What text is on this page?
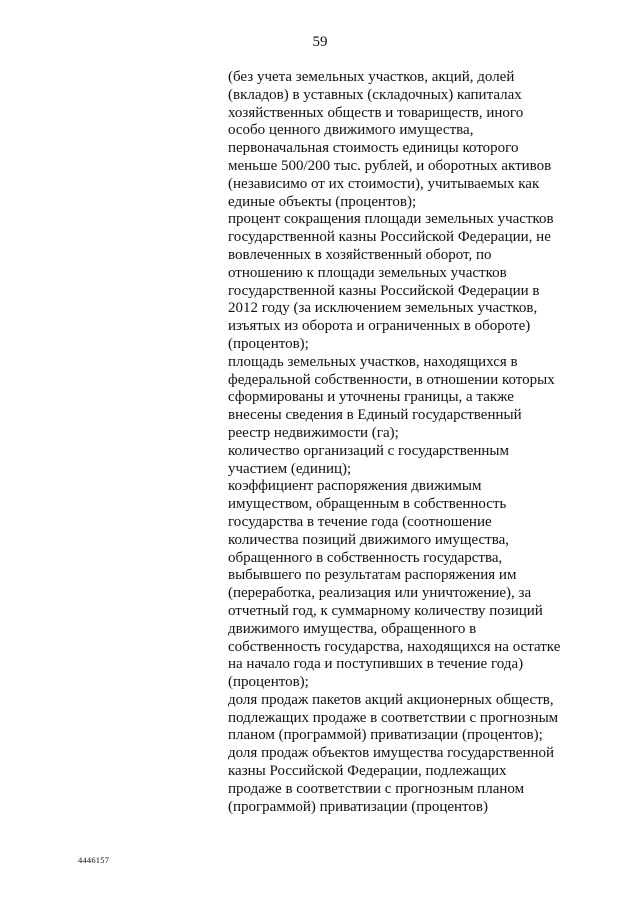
59
(без учета земельных участков, акций, долей
(вкладов) в уставных (складочных) капиталах
хозяйственных обществ и товариществ, иного
особо ценного движимого имущества,
первоначальная стоимость единицы которого
меньше 500/200 тыс. рублей, и оборотных активов
(независимо от их стоимости), учитываемых как
единые объекты (процентов);
процент сокращения площади земельных участков
государственной казны Российской Федерации, не
вовлеченных в хозяйственный оборот, по
отношению к площади земельных участков
государственной казны Российской Федерации в
2012 году (за исключением земельных участков,
изъятых из оборота и ограниченных в обороте)
(процентов);
площадь земельных участков, находящихся в
федеральной собственности, в отношении которых
сформированы и уточнены границы, а также
внесены сведения в Единый государственный
реестр недвижимости (га);
количество организаций с государственным
участием (единиц);
коэффициент распоряжения движимым
имуществом, обращенным в собственность
государства в течение года (соотношение
количества позиций движимого имущества,
обращенного в собственность государства,
выбывшего по результатам распоряжения им
(переработка, реализация или уничтожение), за
отчетный год, к суммарному количеству позиций
движимого имущества, обращенного в
собственность государства, находящихся на остатке
на начало года и поступивших в течение года)
(процентов);
доля продаж пакетов акций акционерных обществ,
подлежащих продаже в соответствии с прогнозным
планом (программой) приватизации (процентов);
доля продаж объектов имущества государственной
казны Российской Федерации, подлежащих
продаже в соответствии с прогнозным планом
(программой) приватизации (процентов)
4446157
